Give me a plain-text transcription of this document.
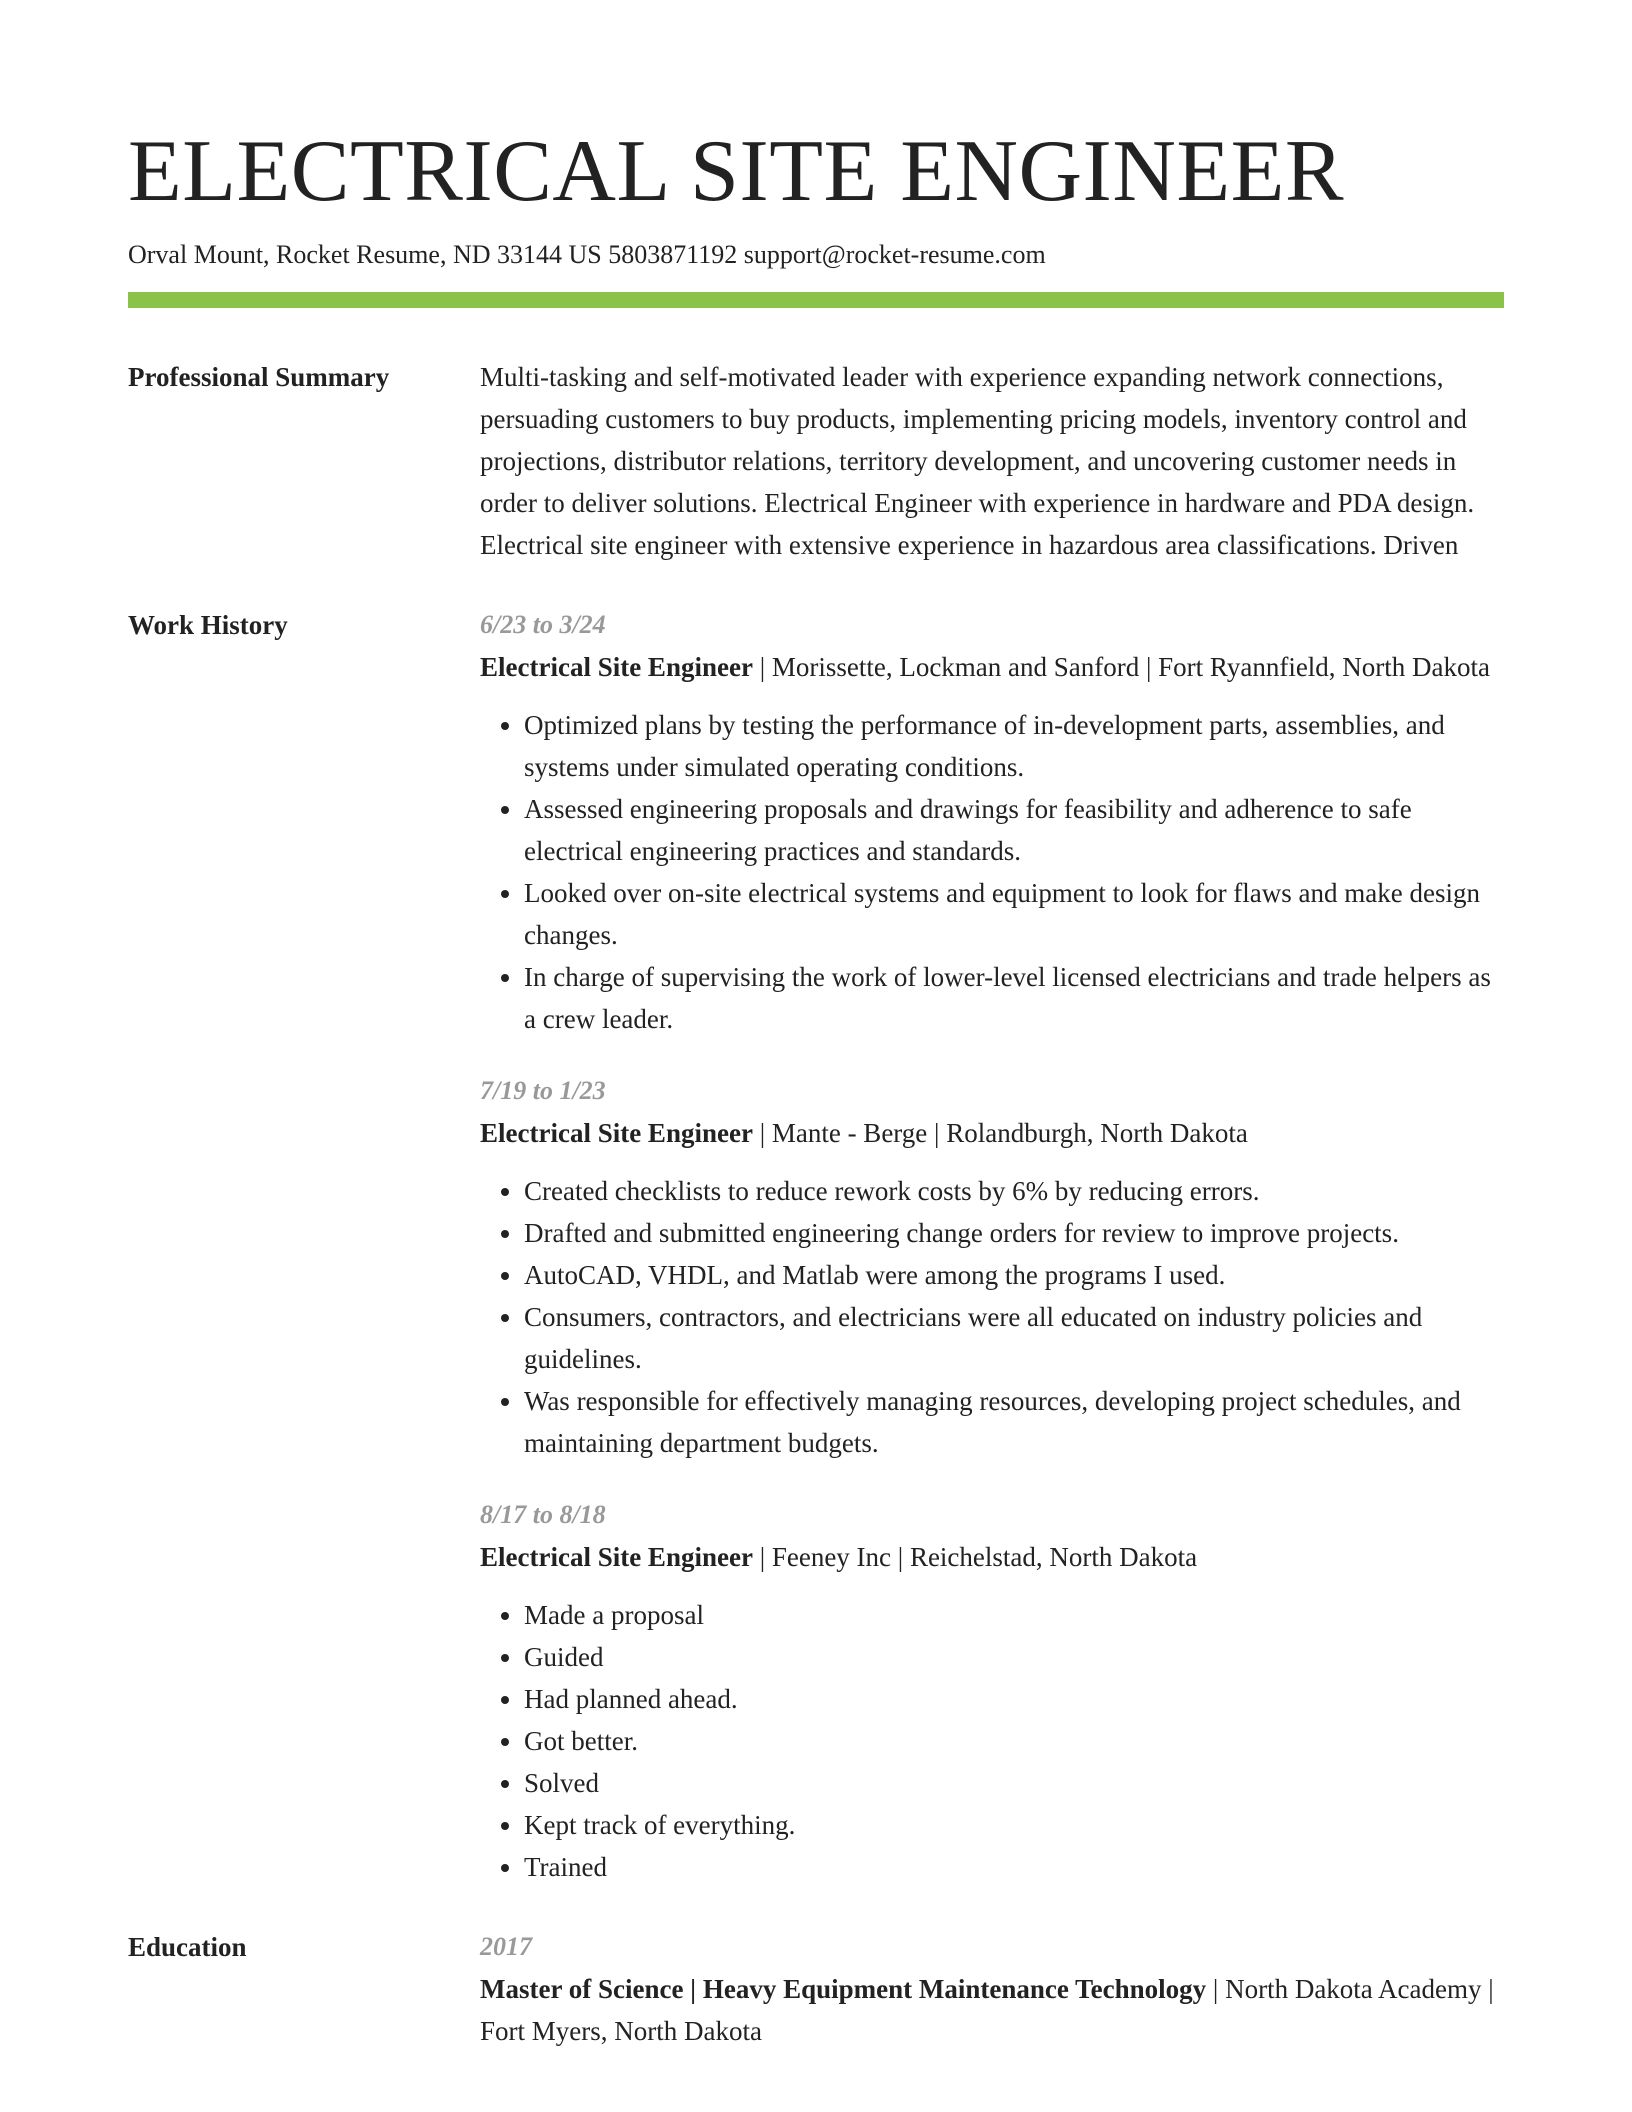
ELECTRICAL SITE ENGINEER
Orval Mount, Rocket Resume, ND 33144 US 5803871192 support@rocket-resume.com
Professional Summary	Multi-tasking and self-motivated leader with experience expanding network connections, persuading customers to buy products, implementing pricing models, inventory control and projections, distributor relations, territory development, and uncovering customer needs in order to deliver solutions. Electrical Engineer with experience in hardware and PDA design. Electrical site engineer with extensive experience in hazardous area classifications. Driven

Work History	6/23 to 3/24
Electrical Site Engineer | Morissette, Lockman and Sanford | Fort Ryannfield, North Dakota
• Optimized plans by testing the performance of in-development parts, assemblies, and systems under simulated operating conditions.
• Assessed engineering proposals and drawings for feasibility and adherence to safe electrical engineering practices and standards.
• Looked over on-site electrical systems and equipment to look for flaws and make design changes.
• In charge of supervising the work of lower-level licensed electricians and trade helpers as a crew leader.
7/19 to 1/23
Electrical Site Engineer | Mante - Berge | Rolandburgh, North Dakota
• Created checklists to reduce rework costs by 6% by reducing errors.
• Drafted and submitted engineering change orders for review to improve projects.
• AutoCAD, VHDL, and Matlab were among the programs I used.
• Consumers, contractors, and electricians were all educated on industry policies and guidelines.
• Was responsible for effectively managing resources, developing project schedules, and maintaining department budgets.
8/17 to 8/18
Electrical Site Engineer | Feeney Inc | Reichelstad, North Dakota
• Made a proposal
• Guided
• Had planned ahead.
• Got better.
• Solved
• Kept track of everything.
• Trained
Education	2017
Master of Science | Heavy Equipment Maintenance Technology | North Dakota Academy | Fort Myers, North Dakota
